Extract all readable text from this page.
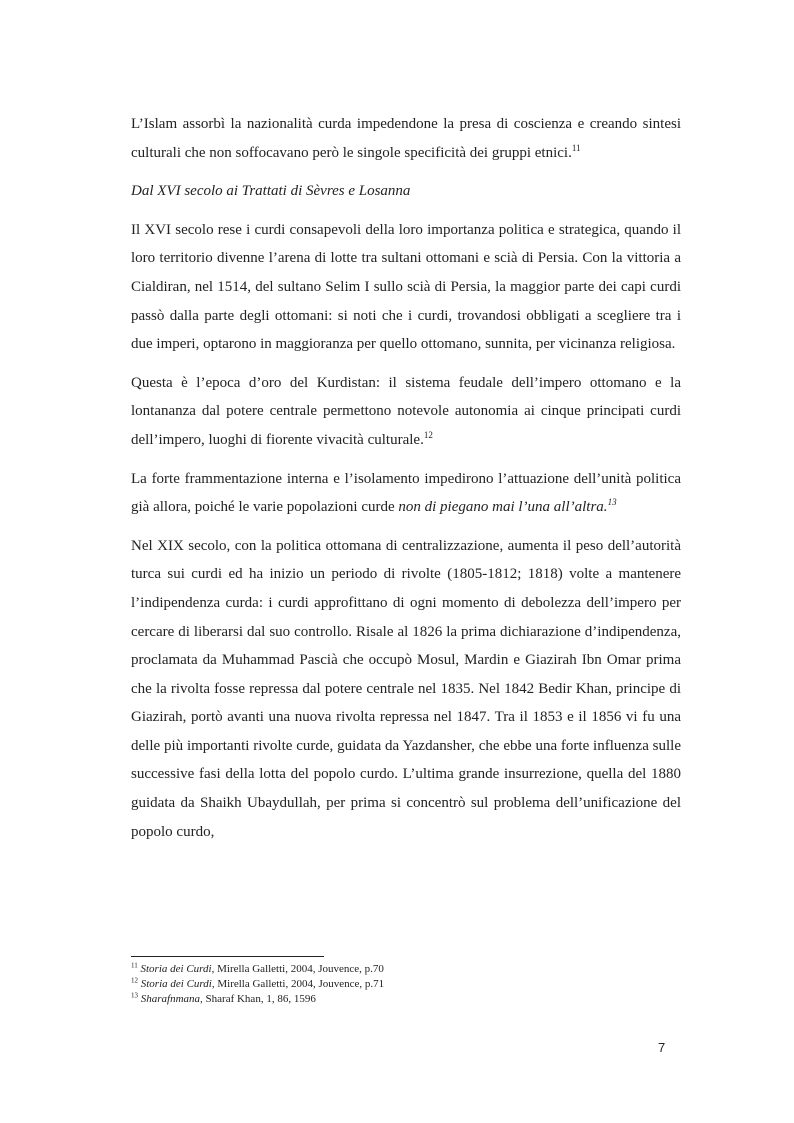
L’Islam assorbì la nazionalità curda impedendone la presa di coscienza e creando sintesi culturali che non soffocavano però le singole specificità dei gruppi etnici.$^{11}$

Dal XVI secolo ai Trattati di Sèvres e Losanna

Il XVI secolo rese i curdi consapevoli della loro importanza politica e strategica, quando il loro territorio divenne l’arena di lotte tra sultani ottomani e scià di Persia. Con la vittoria a Cialdiran, nel 1514, del sultano Selim I sullo scià di Persia, la maggior parte dei capi curdi passò dalla parte degli ottomani: si noti che i curdi, trovandosi obbligati a scegliere tra i due imperi, optarono in maggioranza per quello ottomano, sunnita, per vicinanza religiosa.

Questa è l’epoca d’oro del Kurdistan: il sistema feudale dell’impero ottomano e la lontananza dal potere centrale permettono notevole autonomia ai cinque principati curdi dell’impero, luoghi di fiorente vivacità culturale.$^{12}$

La forte frammentazione interna e l’isolamento impedirono l’attuazione dell’unità politica già allora, poiché le varie popolazioni curde non di piegano mai l’una all’altra.$^{13}$

Nel XIX secolo, con la politica ottomana di centralizzazione, aumenta il peso dell’autorità turca sui curdi ed ha inizio un periodo di rivolte (1805-1812; 1818) volte a mantenere l’indipendenza curda: i curdi approfittano di ogni momento di debolezza dell’impero per cercare di liberarsi dal suo controllo. Risale al 1826 la prima dichiarazione d’indipendenza, proclamata da Muhammad Pascià che occupò Mosul, Mardin e Giazirah Ibn Omar prima che la rivolta fosse repressa dal potere centrale nel 1835. Nel 1842 Bedir Khan, principe di Giazirah, portò avanti una nuova rivolta repressa nel 1847. Tra il 1853 e il 1856 vi fu una delle più importanti rivolte curde, guidata da Yazdansher, che ebbe una forte influenza sulle successive fasi della lotta del popolo curdo. L’ultima grande insurrezione, quella del 1880 guidata da Shaikh Ubaydullah, per prima si concentrò sul problema dell’unificazione del popolo curdo,

$^{11}$ Storia dei Curdi, Mirella Galletti, 2004, Jouvence, p.70

$^{12}$ Storia dei Curdi, Mirella Galletti, 2004, Jouvence, p.71

$^{13}$ Sharafnmana, Sharaf Khan, 1, 86, 1596

7
